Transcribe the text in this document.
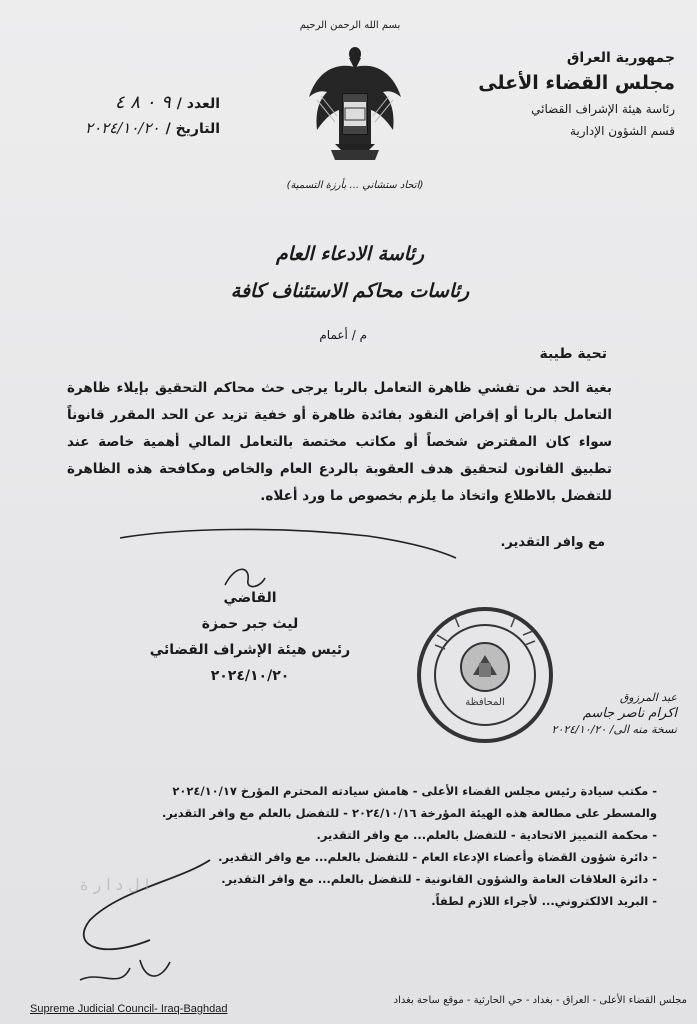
بسم الله الرحمن الرحيم
(اتحاد ستشاني ... بأرزة التسمية)
جمهورية العراق
مجلس القضاء الأعلى
رئاسة هيئة الإشراف القضائي
قسم الشؤون الإدارية
العدد /
٩ ٠ ٨ ٤
التاريخ /
٢٠٢٤/١٠/٢٠
رئاسة الادعاء العام
رئاسات محاكم الاستئناف كافة
م / أعمام
تحية طيبة
بغية الحد من تفشي ظاهرة التعامل بالربا يرجى حث محاكم التحقيق بإيلاء ظاهرة التعامل بالربا أو إقراض النقود بفائدة ظاهرة أو خفية تزيد عن الحد المقرر قانوناً سواء كان المقترض شخصاً أو مكاتب مختصة بالتعامل المالي أهمية خاصة عند تطبيق القانون لتحقيق هدف العقوبة بالردع العام والخاص ومكافحة هذه الظاهرة للتفضل بالاطلاع واتخاذ ما يلزم بخصوص ما ورد أعلاه.
مع وافر التقدير.
القاضي
ليث جبر حمزة
رئيس هيئة الإشراف القضائي
٢٠٢٤/١٠/٢٠
المحافظة	عبد المرزوق
اكرام ناصر جاسم
نسخة منه الى/ ٢٠٢٤/١٠/٢٠
- مكتب سيادة رئيس مجلس القضاء الأعلى - هامش سيادته المحترم المؤرخ ٢٠٢٤/١٠/١٧
والمسطر على مطالعة هذه الهيئة المؤرخة ٢٠٢٤/١٠/١٦ - للتفضل بالعلم مع وافر التقدير.
- محكمة التمييز الاتحادية - للتفضل بالعلم... مع وافر التقدير.
- دائرة شؤون القضاة وأعضاء الإدعاء العام - للتفضل بالعلم... مع وافر التقدير.
- دائرة العلاقات العامة والشؤون القانونية - للتفضل بالعلم... مع وافر التقدير.
- البريد الالكتروني... لأجراء اللازم لطفاً.
ا ل د ا ر ة
مجلس القضاء الأعلى - العراق - بغداد - حي الحارثية - موقع ساحة بغداد
Supreme Judicial Council- Iraq-Baghdad
